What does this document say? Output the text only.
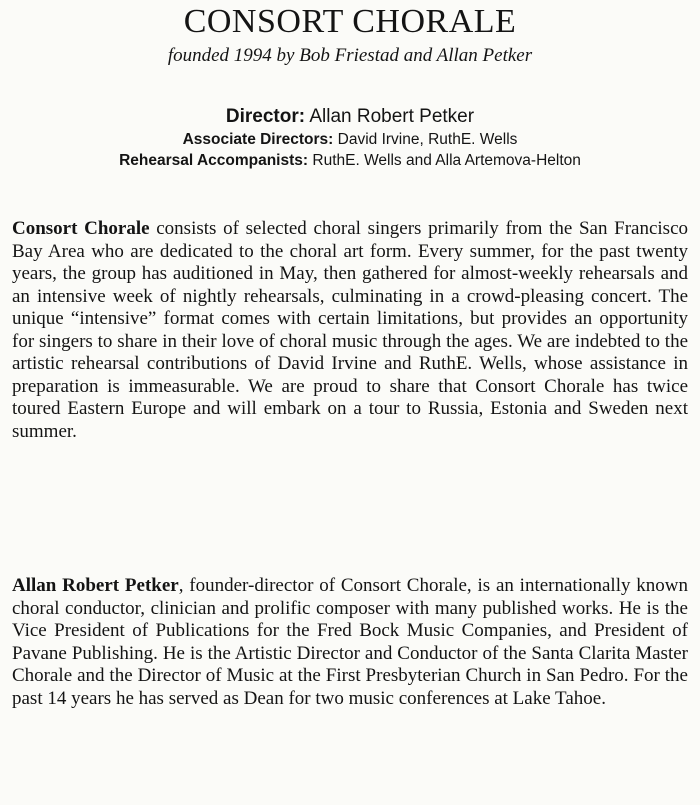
CONSORT CHORALE
founded 1994 by Bob Friestad and Allan Petker
Director: Allan Robert Petker
Associate Directors: David Irvine, RuthE. Wells
Rehearsal Accompanists: RuthE. Wells and Alla Artemova-Helton

Consort Chorale consists of selected choral singers primarily from the San Francisco Bay Area who are dedicated to the choral art form. Every summer, for the past twenty years, the group has auditioned in May, then gathered for almost-weekly rehearsals and an intensive week of nightly rehearsals, culminating in a crowd-pleasing concert. The unique “intensive” format comes with certain limitations, but provides an opportunity for singers to share in their love of choral music through the ages. We are indebted to the artistic rehearsal contributions of David Irvine and RuthE. Wells, whose assistance in preparation is immeasurable. We are proud to share that Consort Chorale has twice toured Eastern Europe and will embark on a tour to Russia, Estonia and Sweden next summer.

Allan Robert Petker, founder-director of Consort Chorale, is an internationally known choral conductor, clinician and prolific composer with many published works. He is the Vice President of Publications for the Fred Bock Music Companies, and President of Pavane Publishing. He is the Artistic Director and Conductor of the Santa Clarita Master Chorale and the Director of Music at the First Presbyterian Church in San Pedro. For the past 14 years he has served as Dean for two music conferences at Lake Tahoe.
